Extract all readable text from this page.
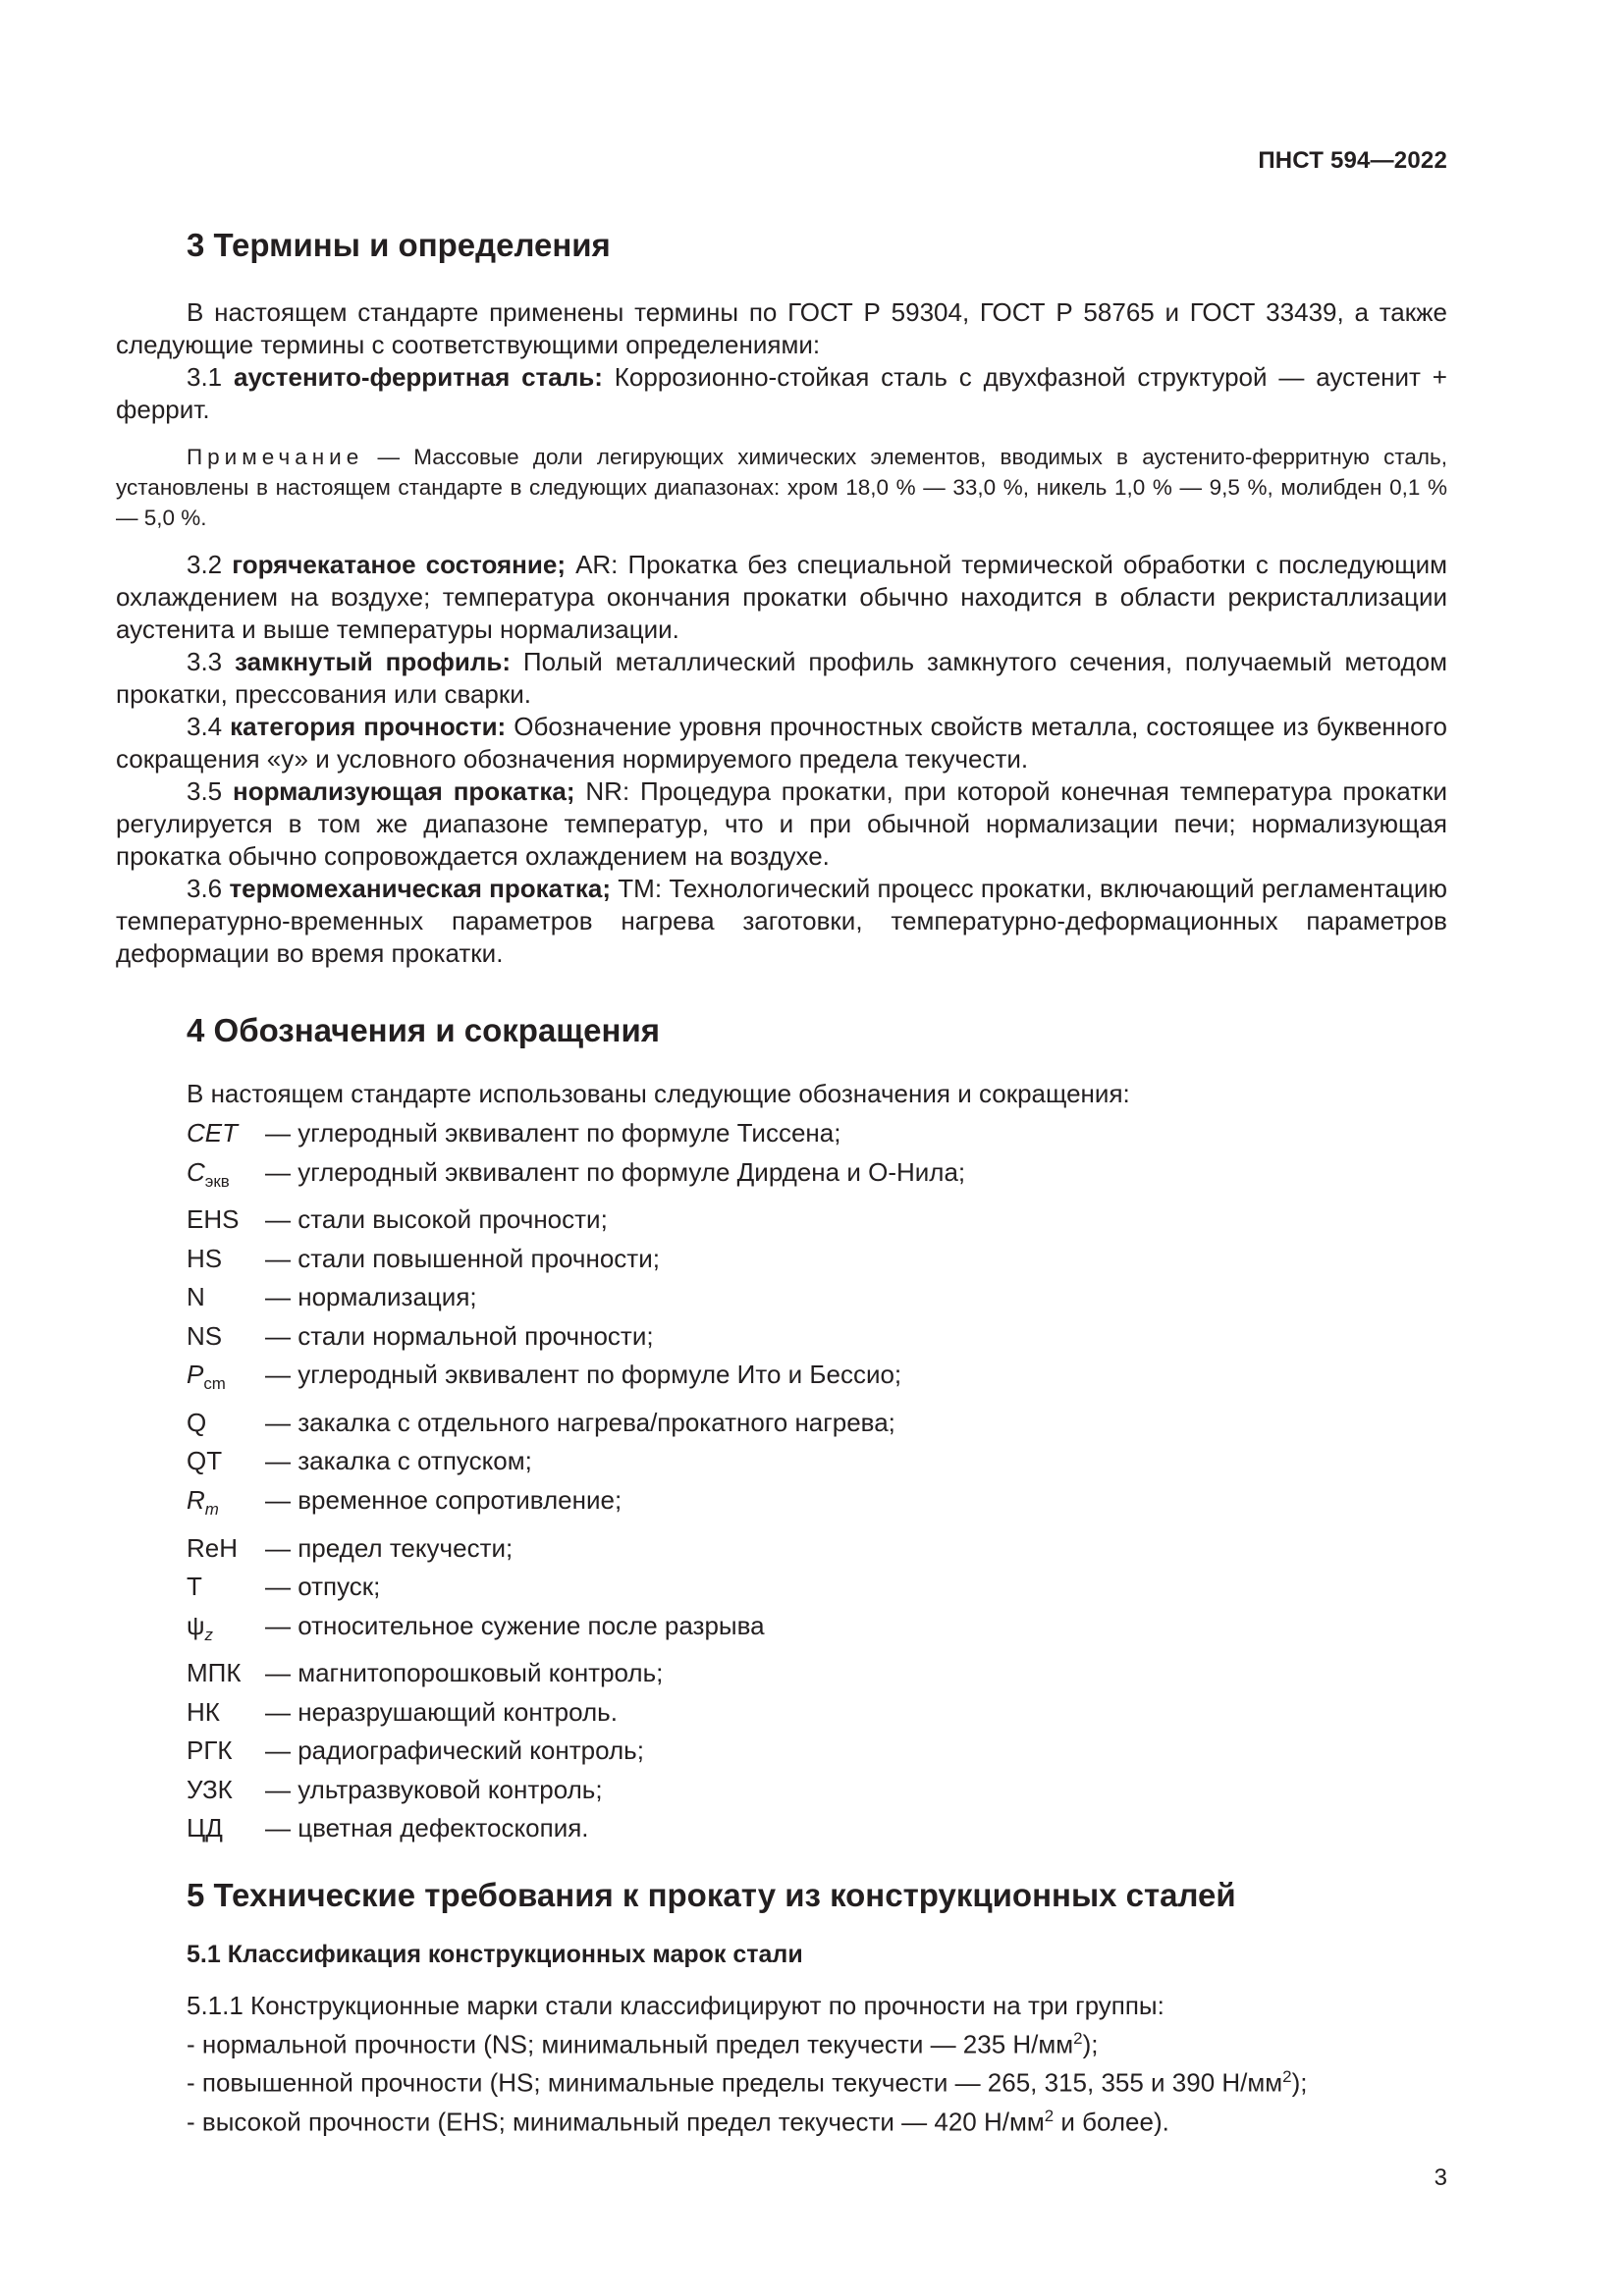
ПНСТ 594—2022
3 Термины и определения

В настоящем стандарте применены термины по ГОСТ Р 59304, ГОСТ Р 58765 и ГОСТ 33439, а также следующие термины с соответствующими определениями:

3.1 аустенито-ферритная сталь: Коррозионно-стойкая сталь с двухфазной структурой — аустенит + феррит.

Примечание — Массовые доли легирующих химических элементов, вводимых в аустенито-ферритную сталь, установлены в настоящем стандарте в следующих диапазонах: хром 18,0 % — 33,0 %, никель 1,0 % — 9,5 %, молибден 0,1 % — 5,0 %.

3.2 горячекатаное состояние; AR: Прокатка без специальной термической обработки с последующим охлаждением на воздухе; температура окончания прокатки обычно находится в области рекристаллизации аустенита и выше температуры нормализации.

3.3 замкнутый профиль: Полый металлический профиль замкнутого сечения, получаемый методом прокатки, прессования или сварки.

3.4 категория прочности: Обозначение уровня прочностных свойств металла, состоящее из буквенного сокращения «у» и условного обозначения нормируемого предела текучести.

3.5 нормализующая прокатка; NR: Процедура прокатки, при которой конечная температура прокатки регулируется в том же диапазоне температур, что и при обычной нормализации печи; нормализующая прокатка обычно сопровождается охлаждением на воздухе.

3.6 термомеханическая прокатка; TM: Технологический процесс прокатки, включающий регламентацию температурно-временных параметров нагрева заготовки, температурно-деформационных параметров деформации во время прокатки.

4 Обозначения и сокращения

В настоящем стандарте использованы следующие обозначения и сокращения:

CET	— углеродный эквивалент по формуле Тиссена;
$C_{экв}$	— углеродный эквивалент по формуле Дирдена и О-Нила;
EHS	— стали высокой прочности;
HS	— стали повышенной прочности;
N	— нормализация;
NS	— стали нормальной прочности;
$P_{cm}$	— углеродный эквивалент по формуле Ито и Бессио;
Q	— закалка с отдельного нагрева/прокатного нагрева;
QT	— закалка с отпуском;
$R_m$	— временное сопротивление;
ReH	— предел текучести;
T	— отпуск;
$\psi_z$	— относительное сужение после разрыва
МПК — магнитопорошковый контроль;
НК	— неразрушающий контроль.
РГК	— радиографический контроль;
УЗК	— ультразвуковой контроль;
ЦД	— цветная дефектоскопия.
5 Технические требования к прокату из конструкционных сталей
5.1 Классификация конструкционных марок стали

5.1.1 Конструкционные марки стали классифицируют по прочности на три группы:

- нормальной прочности (NS; минимальный предел текучести — 235 $Н/мм^2$);

- повышенной прочности (HS; минимальные пределы текучести — 265, 315, 355 и 390 $Н/мм^2$);

- высокой прочности (EHS; минимальный предел текучести — 420 $Н/мм^2$ и более).

3
